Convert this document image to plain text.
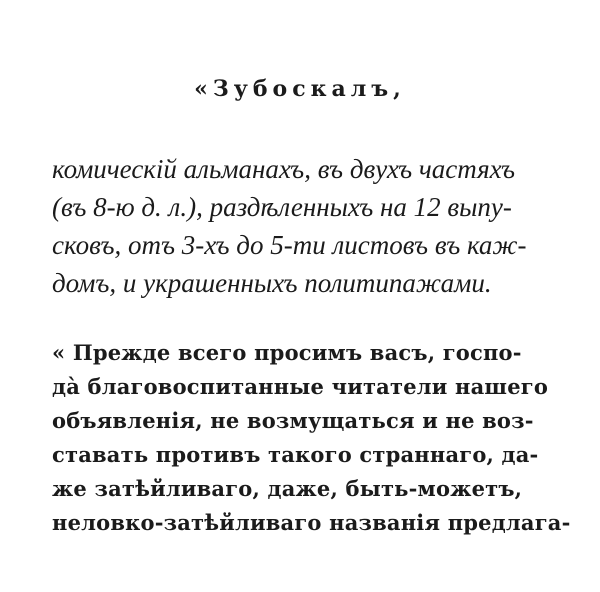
«Зубоскалъ,
комическій альманахъ, въ двухъ частяхъ
(въ 8-ю д. л.), раздѣленныхъ на 12 выпу-
сковъ, отъ 3-хъ до 5-ти листовъ въ каж-
домъ, и украшенныхъ политипажами.
« Прежде всего просимъ васъ, госпо-
да̀ благовоспитанные читатели нашего
объявленія, не возмущаться и не воз-
ставать противъ такого страннаго, да-
же затѣйливаго, даже, быть-можетъ,
неловко-затѣйливаго названія предлага-
